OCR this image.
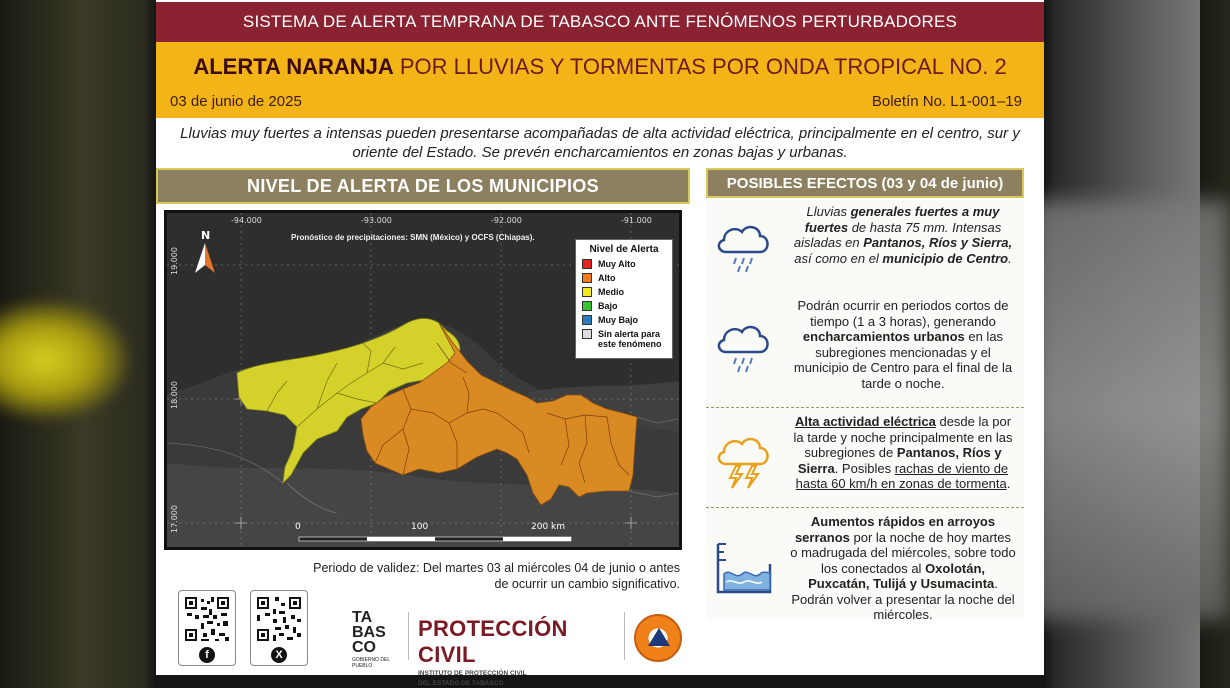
SISTEMA DE ALERTA TEMPRANA DE TABASCO ANTE FENÓMENOS PERTURBADORES
ALERTA NARANJA POR LLUVIAS Y TORMENTAS POR ONDA TROPICAL NO. 2
03 de junio de 2025	Boletín No. L1-001–19
Lluvias muy fuertes a intensas pueden presentarse acompañadas de alta actividad eléctrica, principalmente en el centro, sur y oriente del Estado. Se prevén encharcamientos en zonas bajas y urbanas.
NIVEL DE ALERTA DE LOS MUNICIPIOS
-94.000	-93.000	-92.000	-91.000
19.000
18.000
17.000
N
0	100	200 km
Pronóstico de precipitaciones: SMN (México) y OCFS (Chiapas).
Nivel de Alerta
Muy Alto
Alto
Medio
Bajo
Muy Bajo
Sin alerta para este fenómeno
Periodo de validez: Del martes 03 al miércoles 04 de junio o antes de ocurrir un cambio significativo.
f	X
TA
BAS
CO
GOBIERNO DEL PUEBLO
PROTECCIÓN CIVIL
INSTITUTO DE PROTECCIÓN CIVIL
DEL ESTADO DE TABASCO
POSIBLES EFECTOS (03 y 04 de junio)
Lluvias generales fuertes a muy fuertes de hasta 75 mm. Intensas aisladas en Pantanos, Ríos y Sierra, así como en el municipio de Centro.
Podrán ocurrir en periodos cortos de tiempo (1 a 3 horas), generando encharcamientos urbanos en las subregiones mencionadas y el municipio de Centro para el final de la tarde o noche.
Alta actividad eléctrica desde la por la tarde y noche principalmente en las subregiones de Pantanos, Ríos y Sierra. Posibles rachas de viento de hasta 60 km/h en zonas de tormenta.
Aumentos rápidos en arroyos serranos por la noche de hoy martes o madrugada del miércoles, sobre todo los conectados al Oxolotán, Puxcatán, Tulijá y Usumacinta. Podrán volver a presentar la noche del miércoles.
